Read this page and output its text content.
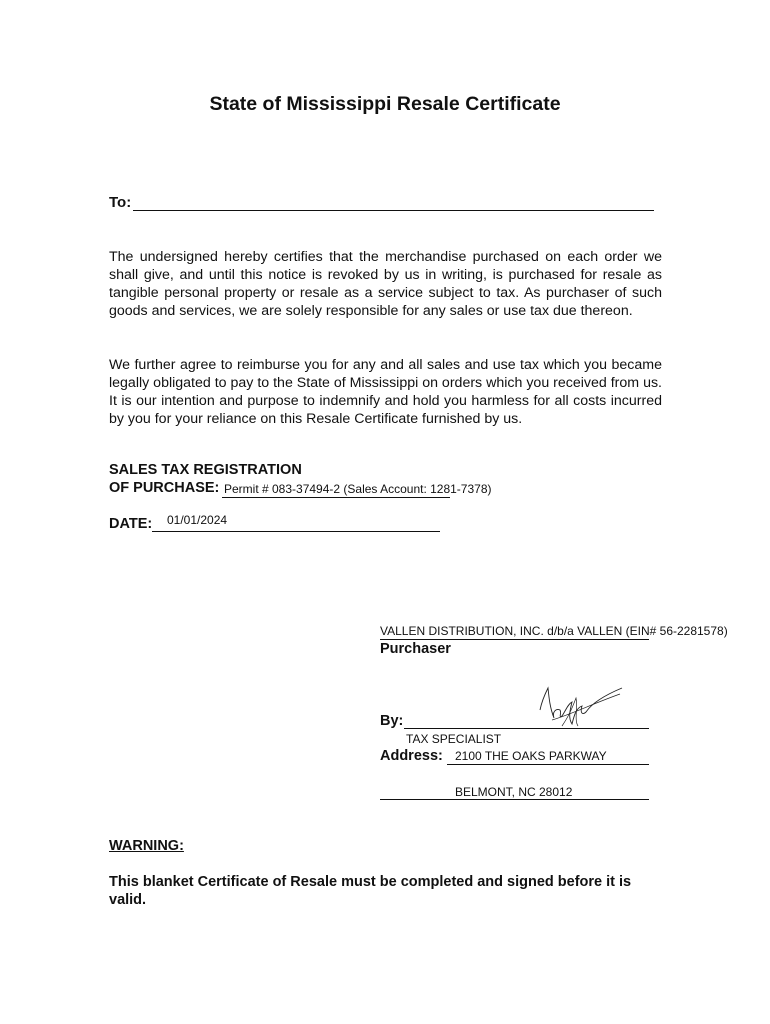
State of Mississippi Resale Certificate
To:
The undersigned hereby certifies that the merchandise purchased on each order we shall give, and until this notice is revoked by us in writing, is purchased for resale as tangible personal property or resale as a service subject to tax. As purchaser of such goods and services, we are solely responsible for any sales or use tax due thereon.
We further agree to reimburse you for any and all sales and use tax which you became legally obligated to pay to the State of Mississippi on orders which you received from us. It is our intention and purpose to indemnify and hold you harmless for all costs incurred by you for your reliance on this Resale Certificate furnished by us.
SALES TAX REGISTRATION
OF PURCHASE: Permit # 083-37494-2 (Sales Account: 1281-7378)
DATE: 01/01/2024
VALLEN DISTRIBUTION, INC. d/b/a VALLEN (EIN# 56-2281578)
Purchaser
By:
TAX SPECIALIST
Address: 2100 THE OAKS PARKWAY
BELMONT, NC 28012
WARNING:
This blanket Certificate of Resale must be completed and signed before it is valid.
